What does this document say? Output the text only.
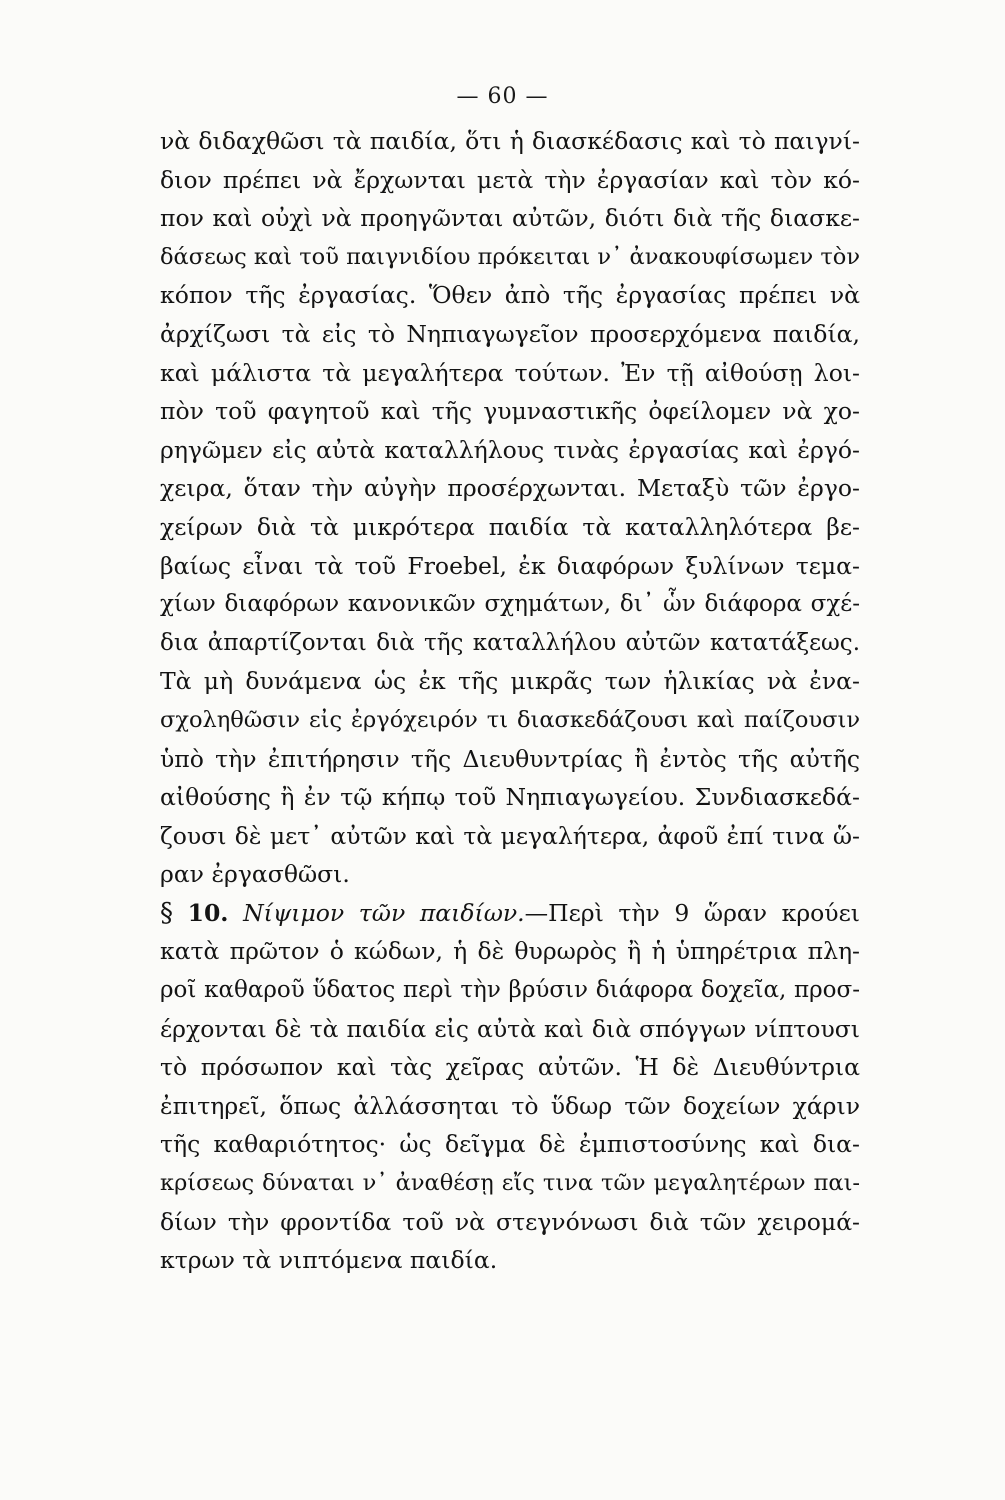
— 60 —
νὰ διδαχθῶσι τὰ παιδία, ὅτι ἡ διασκέδασις καὶ τὸ παιγνί-
διον πρέπει νὰ ἔρχωνται μετὰ τὴν ἐργασίαν καὶ τὸν κό-
πον καὶ οὐχὶ νὰ προηγῶνται αὐτῶν, διότι διὰ τῆς διασκε-
δάσεως καὶ τοῦ παιγνιδίου πρόκειται ν᾽ ἀνακουφίσωμεν τὸν
κόπον τῆς ἐργασίας. Ὅθεν ἀπὸ τῆς ἐργασίας πρέπει νὰ
ἀρχίζωσι τὰ εἰς τὸ Νηπιαγωγεῖον προσερχόμενα παιδία,
καὶ μάλιστα τὰ μεγαλήτερα τούτων. Ἐν τῇ αἰθούσῃ λοι-
πὸν τοῦ φαγητοῦ καὶ τῆς γυμναστικῆς ὀφείλομεν νὰ χο-
ρηγῶμεν εἰς αὐτὰ καταλλήλους τινὰς ἐργασίας καὶ ἐργό-
χειρα, ὅταν τὴν αὐγὴν προσέρχωνται. Μεταξὺ τῶν ἐργο-
χείρων διὰ τὰ μικρότερα παιδία τὰ καταλληλότερα βε-
βαίως εἶναι τὰ τοῦ Froebel, ἐκ διαφόρων ξυλίνων τεμα-
χίων διαφόρων κανονικῶν σχημάτων, δι᾽ ὧν διάφορα σχέ-
δια ἀπαρτίζονται διὰ τῆς καταλλήλου αὐτῶν κατατάξεως.
Τὰ μὴ δυνάμενα ὡς ἐκ τῆς μικρᾶς των ἡλικίας νὰ ἐνα-
σχοληθῶσιν εἰς ἐργόχειρόν τι διασκεδάζουσι καὶ παίζουσιν
ὑπὸ τὴν ἐπιτήρησιν τῆς Διευθυντρίας ἢ ἐντὸς τῆς αὐτῆς
αἰθούσης ἢ ἐν τῷ κήπῳ τοῦ Νηπιαγωγείου. Συνδιασκεδά-
ζουσι δὲ μετ᾽ αὐτῶν καὶ τὰ μεγαλήτερα, ἀφοῦ ἐπί τινα ὥ-
ραν ἐργασθῶσι.
§ 10. Νίψιμον τῶν παιδίων.—Περὶ τὴν 9 ὥραν κρούει
κατὰ πρῶτον ὁ κώδων, ἡ δὲ θυρωρὸς ἢ ἡ ὑπηρέτρια πλη-
ροῖ καθαροῦ ὕδατος περὶ τὴν βρύσιν διάφορα δοχεῖα, προσ-
έρχονται δὲ τὰ παιδία εἰς αὐτὰ καὶ διὰ σπόγγων νίπτουσι
τὸ πρόσωπον καὶ τὰς χεῖρας αὐτῶν. Ἡ δὲ Διευθύντρια
ἐπιτηρεῖ, ὅπως ἀλλάσσηται τὸ ὕδωρ τῶν δοχείων χάριν
τῆς καθαριότητος· ὡς δεῖγμα δὲ ἐμπιστοσύνης καὶ δια-
κρίσεως δύναται ν᾽ ἀναθέσῃ εἴς τινα τῶν μεγαλητέρων παι-
δίων τὴν φροντίδα τοῦ νὰ στεγνόνωσι διὰ τῶν χειρομά-
κτρων τὰ νιπτόμενα παιδία.
